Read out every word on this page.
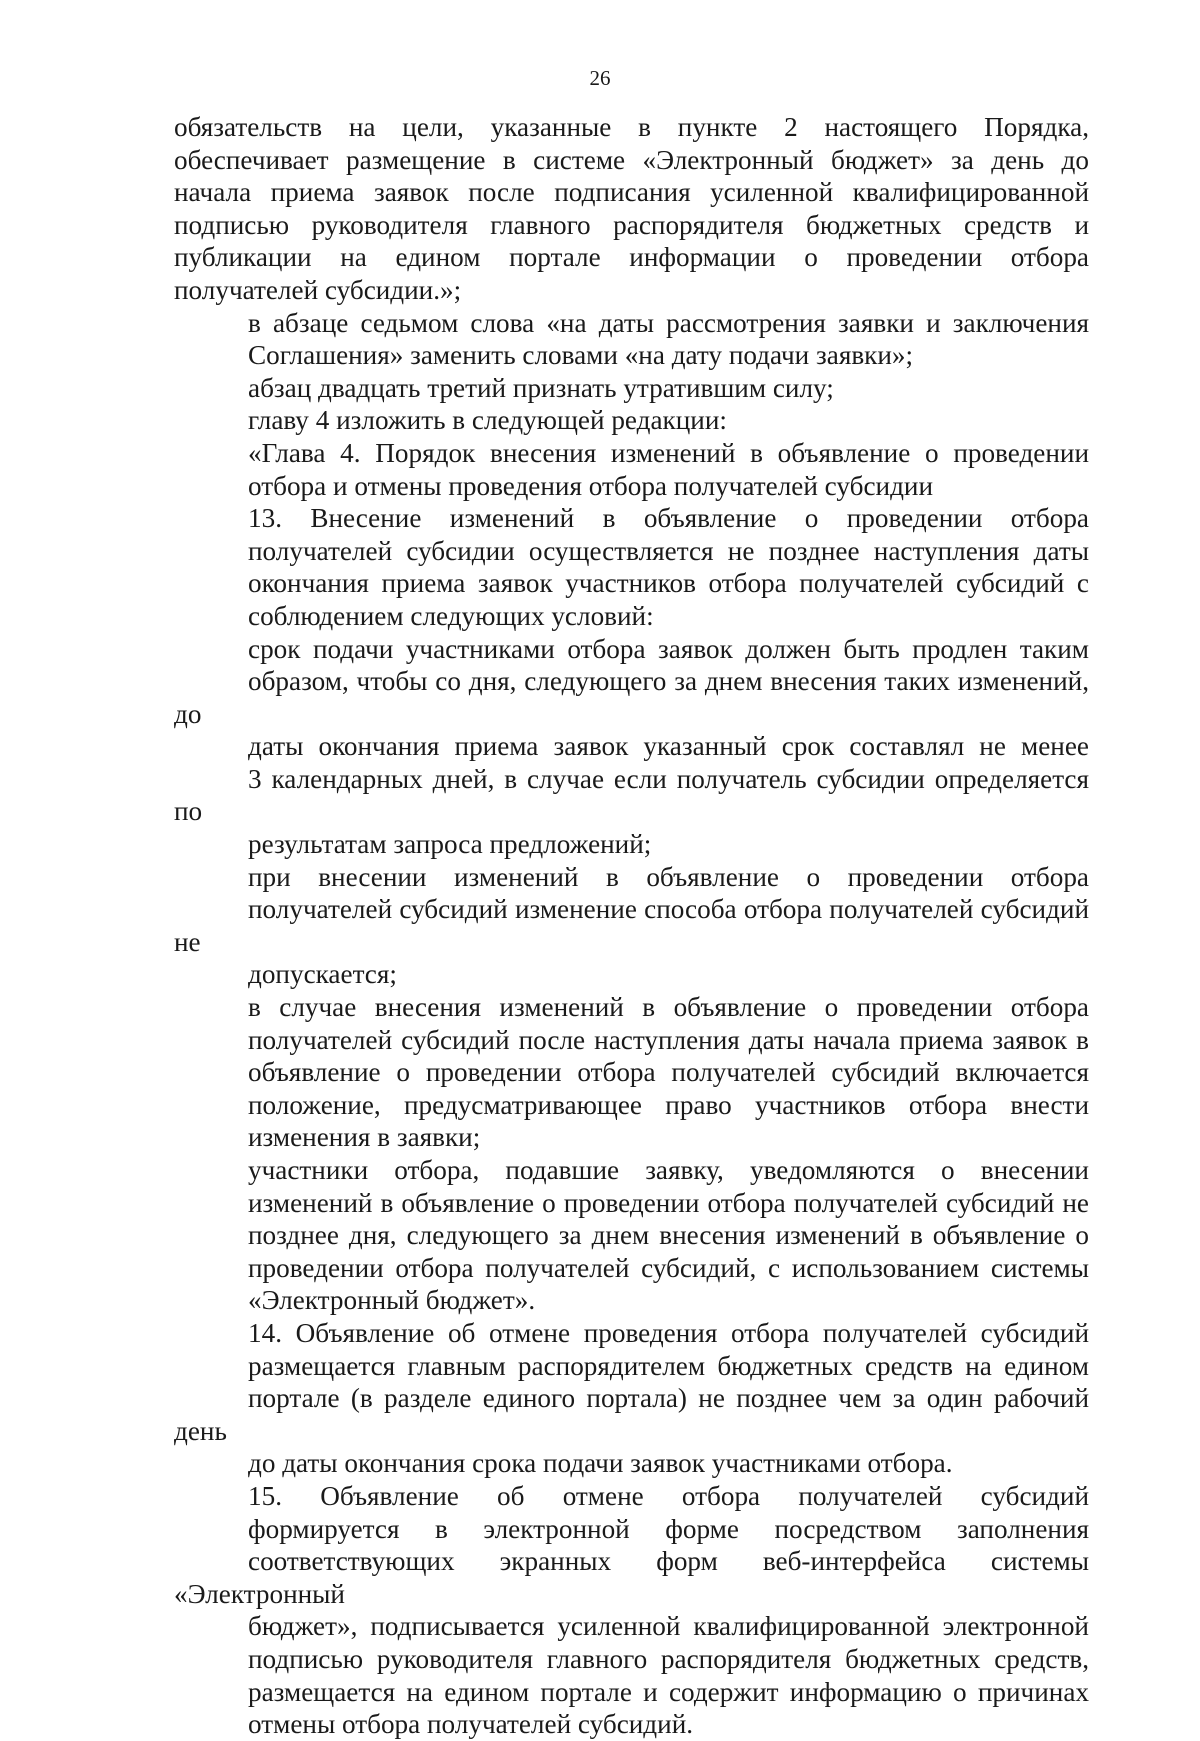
26
обязательств на цели, указанные в пункте 2 настоящего Порядка,
обеспечивает размещение в системе «Электронный бюджет» за день до
начала приема заявок после подписания усиленной квалифицированной
подписью руководителя главного распорядителя бюджетных средств и
публикации на едином портале информации о проведении отбора
получателей субсидии.»;
в абзаце седьмом слова «на даты рассмотрения заявки и заключения
Соглашения» заменить словами «на дату подачи заявки»;
абзац двадцать третий признать утратившим силу;
главу 4 изложить в следующей редакции:
«Глава 4. Порядок внесения изменений в объявление о проведении
отбора и отмены проведения отбора получателей субсидии
13. Внесение изменений в объявление о проведении отбора
получателей субсидии осуществляется не позднее наступления даты
окончания приема заявок участников отбора получателей субсидий с
соблюдением следующих условий:
срок подачи участниками отбора заявок должен быть продлен таким
образом, чтобы со дня, следующего за днем внесения таких изменений, до
даты окончания приема заявок указанный срок составлял не менее
3 календарных дней, в случае если получатель субсидии определяется по
результатам запроса предложений;
при внесении изменений в объявление о проведении отбора
получателей субсидий изменение способа отбора получателей субсидий не
допускается;
в случае внесения изменений в объявление о проведении отбора
получателей субсидий после наступления даты начала приема заявок в
объявление о проведении отбора получателей субсидий включается
положение, предусматривающее право участников отбора внести
изменения в заявки;
участники отбора, подавшие заявку, уведомляются о внесении
изменений в объявление о проведении отбора получателей субсидий не
позднее дня, следующего за днем внесения изменений в объявление о
проведении отбора получателей субсидий, с использованием системы
«Электронный бюджет».
14. Объявление об отмене проведения отбора получателей субсидий
размещается главным распорядителем бюджетных средств на едином
портале (в разделе единого портала) не позднее чем за один рабочий день
до даты окончания срока подачи заявок участниками отбора.
15. Объявление об отмене отбора получателей субсидий
формируется в электронной форме посредством заполнения
соответствующих экранных форм веб-интерфейса системы «Электронный
бюджет», подписывается усиленной квалифицированной электронной
подписью руководителя главного распорядителя бюджетных средств,
размещается на едином портале и содержит информацию о причинах
отмены отбора получателей субсидий.
